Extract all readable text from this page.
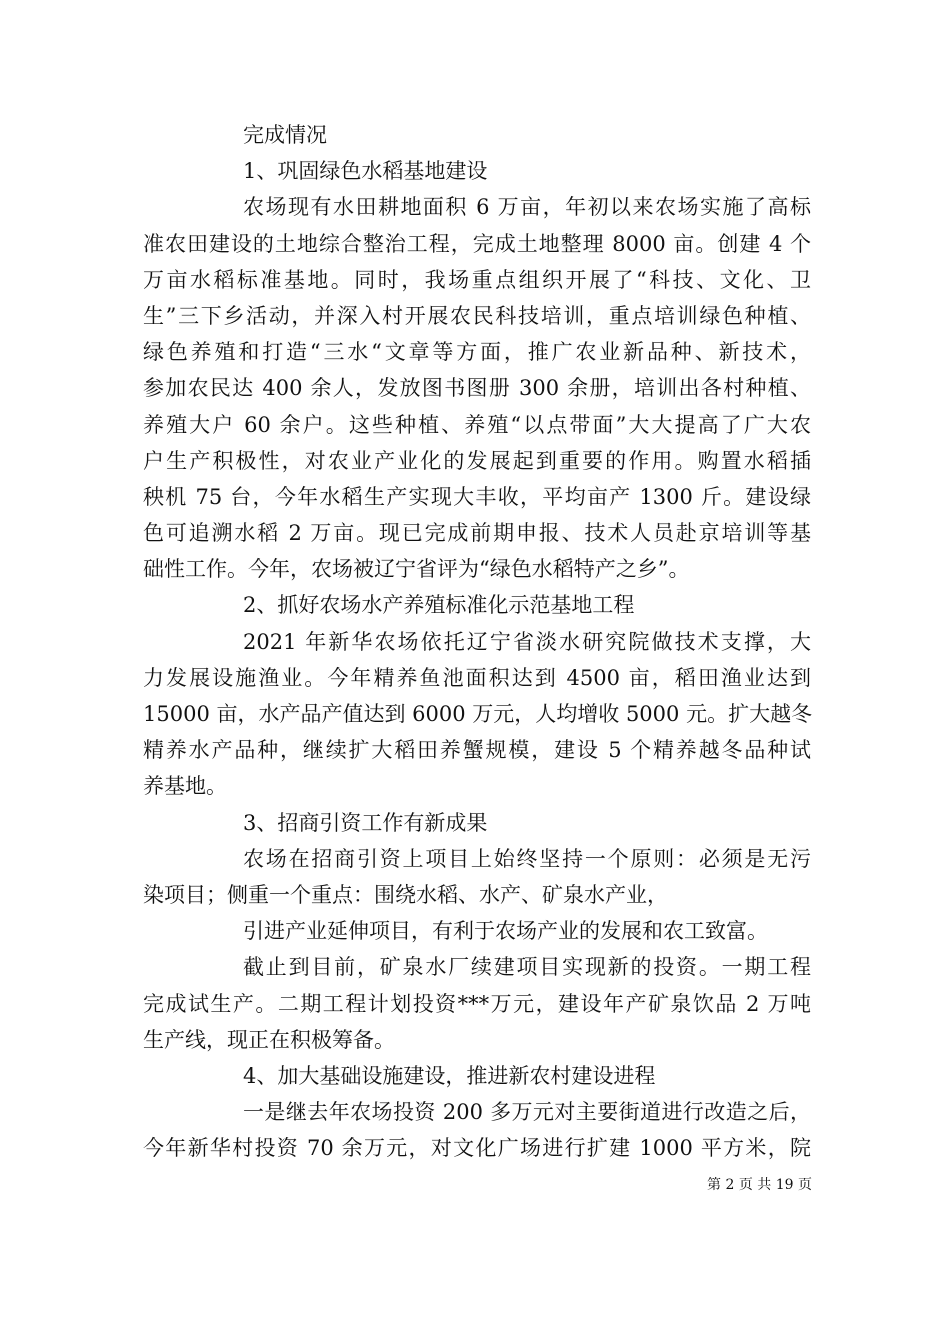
完成情况
1、巩固绿色水稻基地建设
农场现有水田耕地面积 6 万亩，年初以来农场实施了高标
准农田建设的土地综合整治工程，完成土地整理 8000 亩。创建 4 个
万亩水稻标准基地。同时，我场重点组织开展了“科技、文化、卫
生”三下乡活动，并深入村开展农民科技培训，重点培训绿色种植、
绿色养殖和打造“三水“文章等方面，推广农业新品种、新技术，
参加农民达 400 余人，发放图书图册 300 余册，培训出各村种植、
养殖大户 60 余户。这些种植、养殖“以点带面”大大提高了广大农
户生产积极性，对农业产业化的发展起到重要的作用。购置水稻插
秧机 75 台，今年水稻生产实现大丰收，平均亩产 1300 斤。建设绿
色可追溯水稻 2 万亩。现已完成前期申报、技术人员赴京培训等基
础性工作。今年，农场被辽宁省评为“绿色水稻特产之乡”。
2、抓好农场水产养殖标准化示范基地工程
2021 年新华农场依托辽宁省淡水研究院做技术支撑，大
力发展设施渔业。今年精养鱼池面积达到 4500 亩，稻田渔业达到
15000 亩，水产品产值达到 6000 万元，人均增收 5000 元。扩大越冬
精养水产品种，继续扩大稻田养蟹规模，建设 5 个精养越冬品种试
养基地。
3、招商引资工作有新成果
农场在招商引资上项目上始终坚持一个原则：必须是无污
染项目；侧重一个重点：围绕水稻、水产、矿泉水产业，
引进产业延伸项目，有利于农场产业的发展和农工致富。
截止到目前，矿泉水厂续建项目实现新的投资。一期工程
完成试生产。二期工程计划投资***万元，建设年产矿泉饮品 2 万吨
生产线，现正在积极筹备。
4、加大基础设施建设，推进新农村建设进程
一是继去年农场投资 200 多万元对主要街道进行改造之后，
今年新华村投资 70 余万元，对文化广场进行扩建 1000 平方米，院
第 2 页 共 19 页
